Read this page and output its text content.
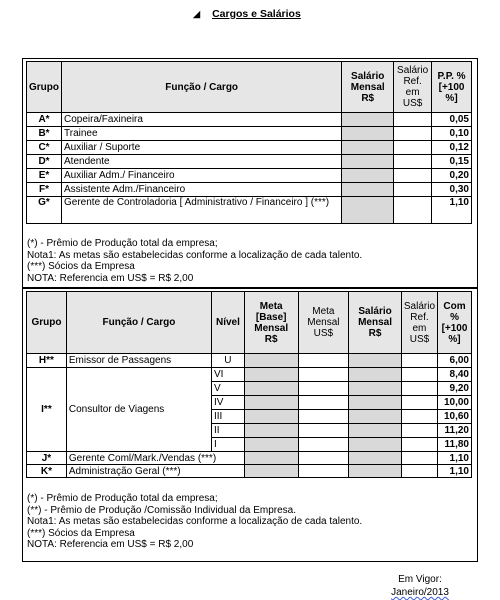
◢ Cargos e Salários
Grupo	Função / Cargo	Salário Mensal R$	Salário Ref. em US$	P.P. % [+100 %]
A*	Copeira/Faxineira			0,05
B*	Trainee			0,10
C*	Auxiliar / Suporte			0,12
D*	Atendente			0,15
E*	Auxiliar Adm./ Financeiro			0,20
F*	Assistente Adm./Financeiro			0,30
G*	Gerente de Controladoria [ Administrativo / Financeiro ] (***)			1,10
(*) - Prêmio de Produção total da empresa;
Nota1: As metas são estabelecidas conforme a localização de cada talento.
(***) Sócios da Empresa
NOTA: Referencia em US$ = R$ 2,00
Grupo	Função / Cargo	Nível	Meta [Base] Mensal R$	Meta Mensal US$	Salário Mensal R$	Salário Ref. em US$	Com % [+100 %]
H**	Emissor de Passagens	U					6,00
I**	Consultor de Viagens	VI					8,40
		V					9,20
		IV					10,00
		III					10,60
		II					11,20
		I					11,80
J*	Gerente Coml/Mark./Vendas (***)						1,10
K*	Administração Geral (***)						1,10
(*) - Prêmio de Produção total da empresa;
(**) - Prêmio de Produção /Comissão Individual da Empresa.
Nota1: As metas são estabelecidas conforme a localização de cada talento.
(***) Sócios da Empresa
NOTA: Referencia em US$ = R$ 2,00
Em Vigor:
Janeiro/2013
